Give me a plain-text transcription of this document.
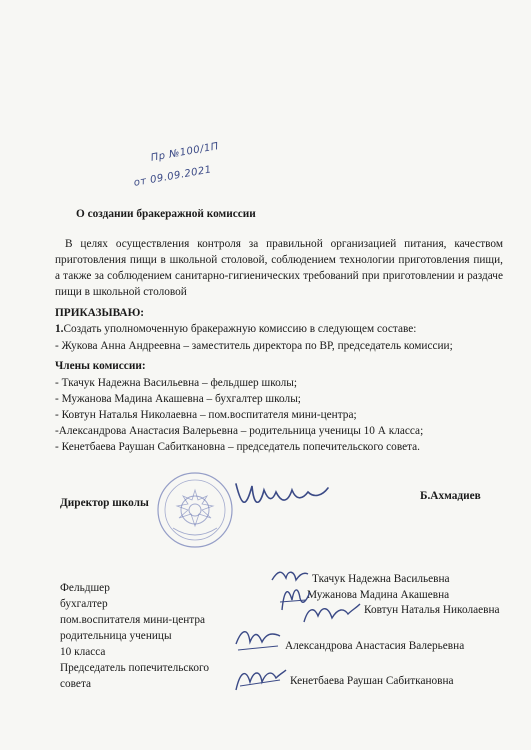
Пр №100/1П
от 09.09.2021
О создании бракеражной комиссии
В целях осуществления контроля за правильной организацией питания, качеством приготовления пищи в школьной столовой, соблюдением технологии приготовления пищи, а также за соблюдением санитарно-гигиенических требований при приготовлении и раздаче пищи в школьной столовой
ПРИКАЗЫВАЮ:
1.Создать уполномоченную бракеражную комиссию в следующем составе:
- Жукова Анна Андреевна – заместитель директора по ВР, председатель комиссии;
Члены комиссии:
- Ткачук Надежна Васильевна – фельдшер школы;
- Мужанова Мадина Акашевна – бухгалтер школы;
- Ковтун Наталья Николаевна – пом.воспитателя мини-центра;
-Александрова Анастасия Валерьевна – родительница ученицы 10 А класса;
- Кенетбаева Раушан Сабиткановна – председатель попечительского совета.
Директор школы
Б.Ахмадиев
Фельдшер
бухгалтер
пом.воспитателя мини-центра
родительница ученицы
10 класса
Председатель попечительского
совета
Ткачук Надежна Васильевна
Мужанова Мадина Акашевна
Ковтун Наталья Николаевна
Александрова Анастасия Валерьевна
Кенетбаева Раушан Сабиткановна
